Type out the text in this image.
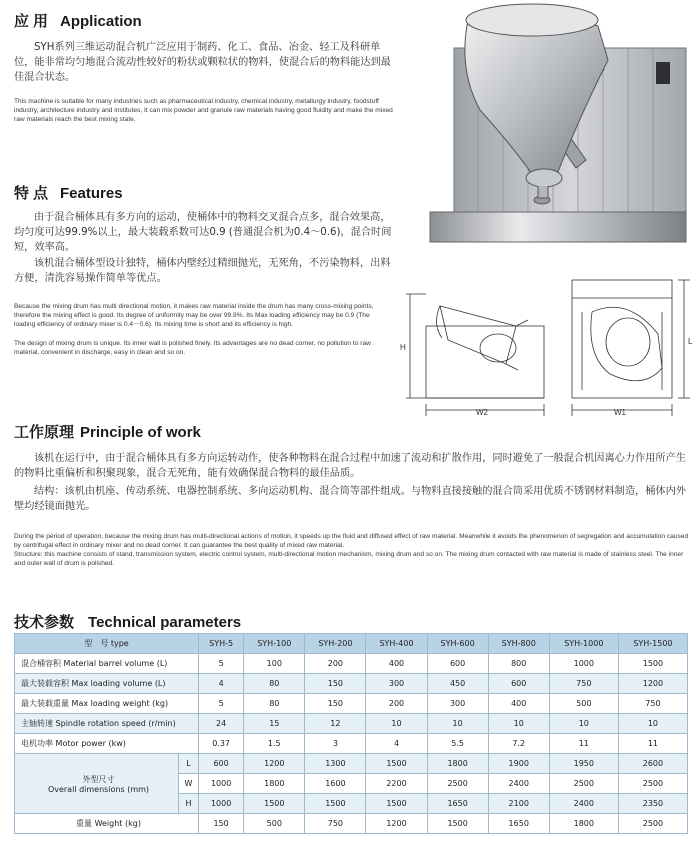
应用 Application
SYH系列三维运动混合机广泛应用于制药、化工、食品、冶金、轻工及科研单位，能非常均匀地混合流动性较好的粉状或颗粒状的物料，使混合后的物料能达到最佳混合状态。
This machine is suitable for many industries such as pharmaceutical industry, chemical industry, metallurgy industry, foodstuff industry, architecture industry and institutes, It can mix powder and granule raw materials having good fluidity and make the mixed raw materials reach the best mixing state.
特点 Features
由于混合桶体具有多方向的运动，使桶体中的物料交叉混合点多，混合效果高，均匀度可达99.9%以上，最大装载系数可达0.9 (普通混合机为0.4～0.6)，混合时间短，效率高。
该机混合桶体型设计独特，桶体内壁经过精细抛光，无死角，不污染物料，出料方便，清洗容易操作简单等优点。
Because the mixing drum has multi directional motion, it makes raw material inside the drum has many cross-mixing points, therefore the mixing effect is good. Its degree of uniformity may be over 99.9%. Its Max loading efficiency may be 0.9 (The loading efficiency of ordinary mixer is 0.4－0.6). Its mixing time is short and its efficiency is high.
The design of mixing drum is unique. Its inner wall is polished finely. Its advantages are no dead corner, no pollution to raw material, convenient in discharge, easy in clean and so on.
H
L
W2	W1
工作原理 Principle of work
该机在运行中，由于混合桶体具有多方向运转动作，使各种物料在混合过程中加速了流动和扩散作用，同时避免了一般混合机因离心力作用所产生的物料比重偏析和积聚现象，混合无死角，能有效确保混合物料的最佳品质。
结构：该机由机座、传动系统、电器控制系统、多向运动机构、混合筒等部件组成。与物料直接接触的混合筒采用优质不锈钢材料制造，桶体内外壁均经镜面抛光。
During the period of operation, because the mixing drum has multi-directional actions of motion, it speeds up the fluid and diffused effect of raw material. Meanwhile it avoids the phenomenon of segregation and accumulation caused by centrifugal effect in ordinary mixer and no dead corner. It can guarantee the best quality of mixed raw material.
Structure: this machine consists of stand, transmission system, electric control system, multi-directional motion mechanism, mixing drum and so on. The mixing drum contacted with raw material is made of stainless steel. The inner and outer wall of drum is polished.
技术参数 Technical parameters
型　号 type		SYH-5	SYH-100	SYH-200	SYH-400	SYH-600	SYH-800	SYH-1000	SYH-1500
混合桶容积 Material barrel volume (L)		5	100	200	400	600	800	1000	1500
最大装载容积 Max loading volume (L)		4	80	150	300	450	600	750	1200
最大装载重量 Max loading weight (kg)		5	80	150	200	300	400	500	750
主轴转速 Spindle rotation speed (r/min)		24	15	12	10	10	10	10	10
电机功率 Motor power (kw)		0.37	1.5	3	4	5.5	7.2	11	11

外型尺寸
Overall dimensions (mm)	L	600	1200	1300	1500	1800	1900	1950	2600
	W	1000	1800	1600	2200	2500	2400	2500	2500
	H	1000	1500	1500	1500	1650	2100	2400	2350
重量 Weight (kg)		150	500	750	1200	1500	1650	1800	2500
